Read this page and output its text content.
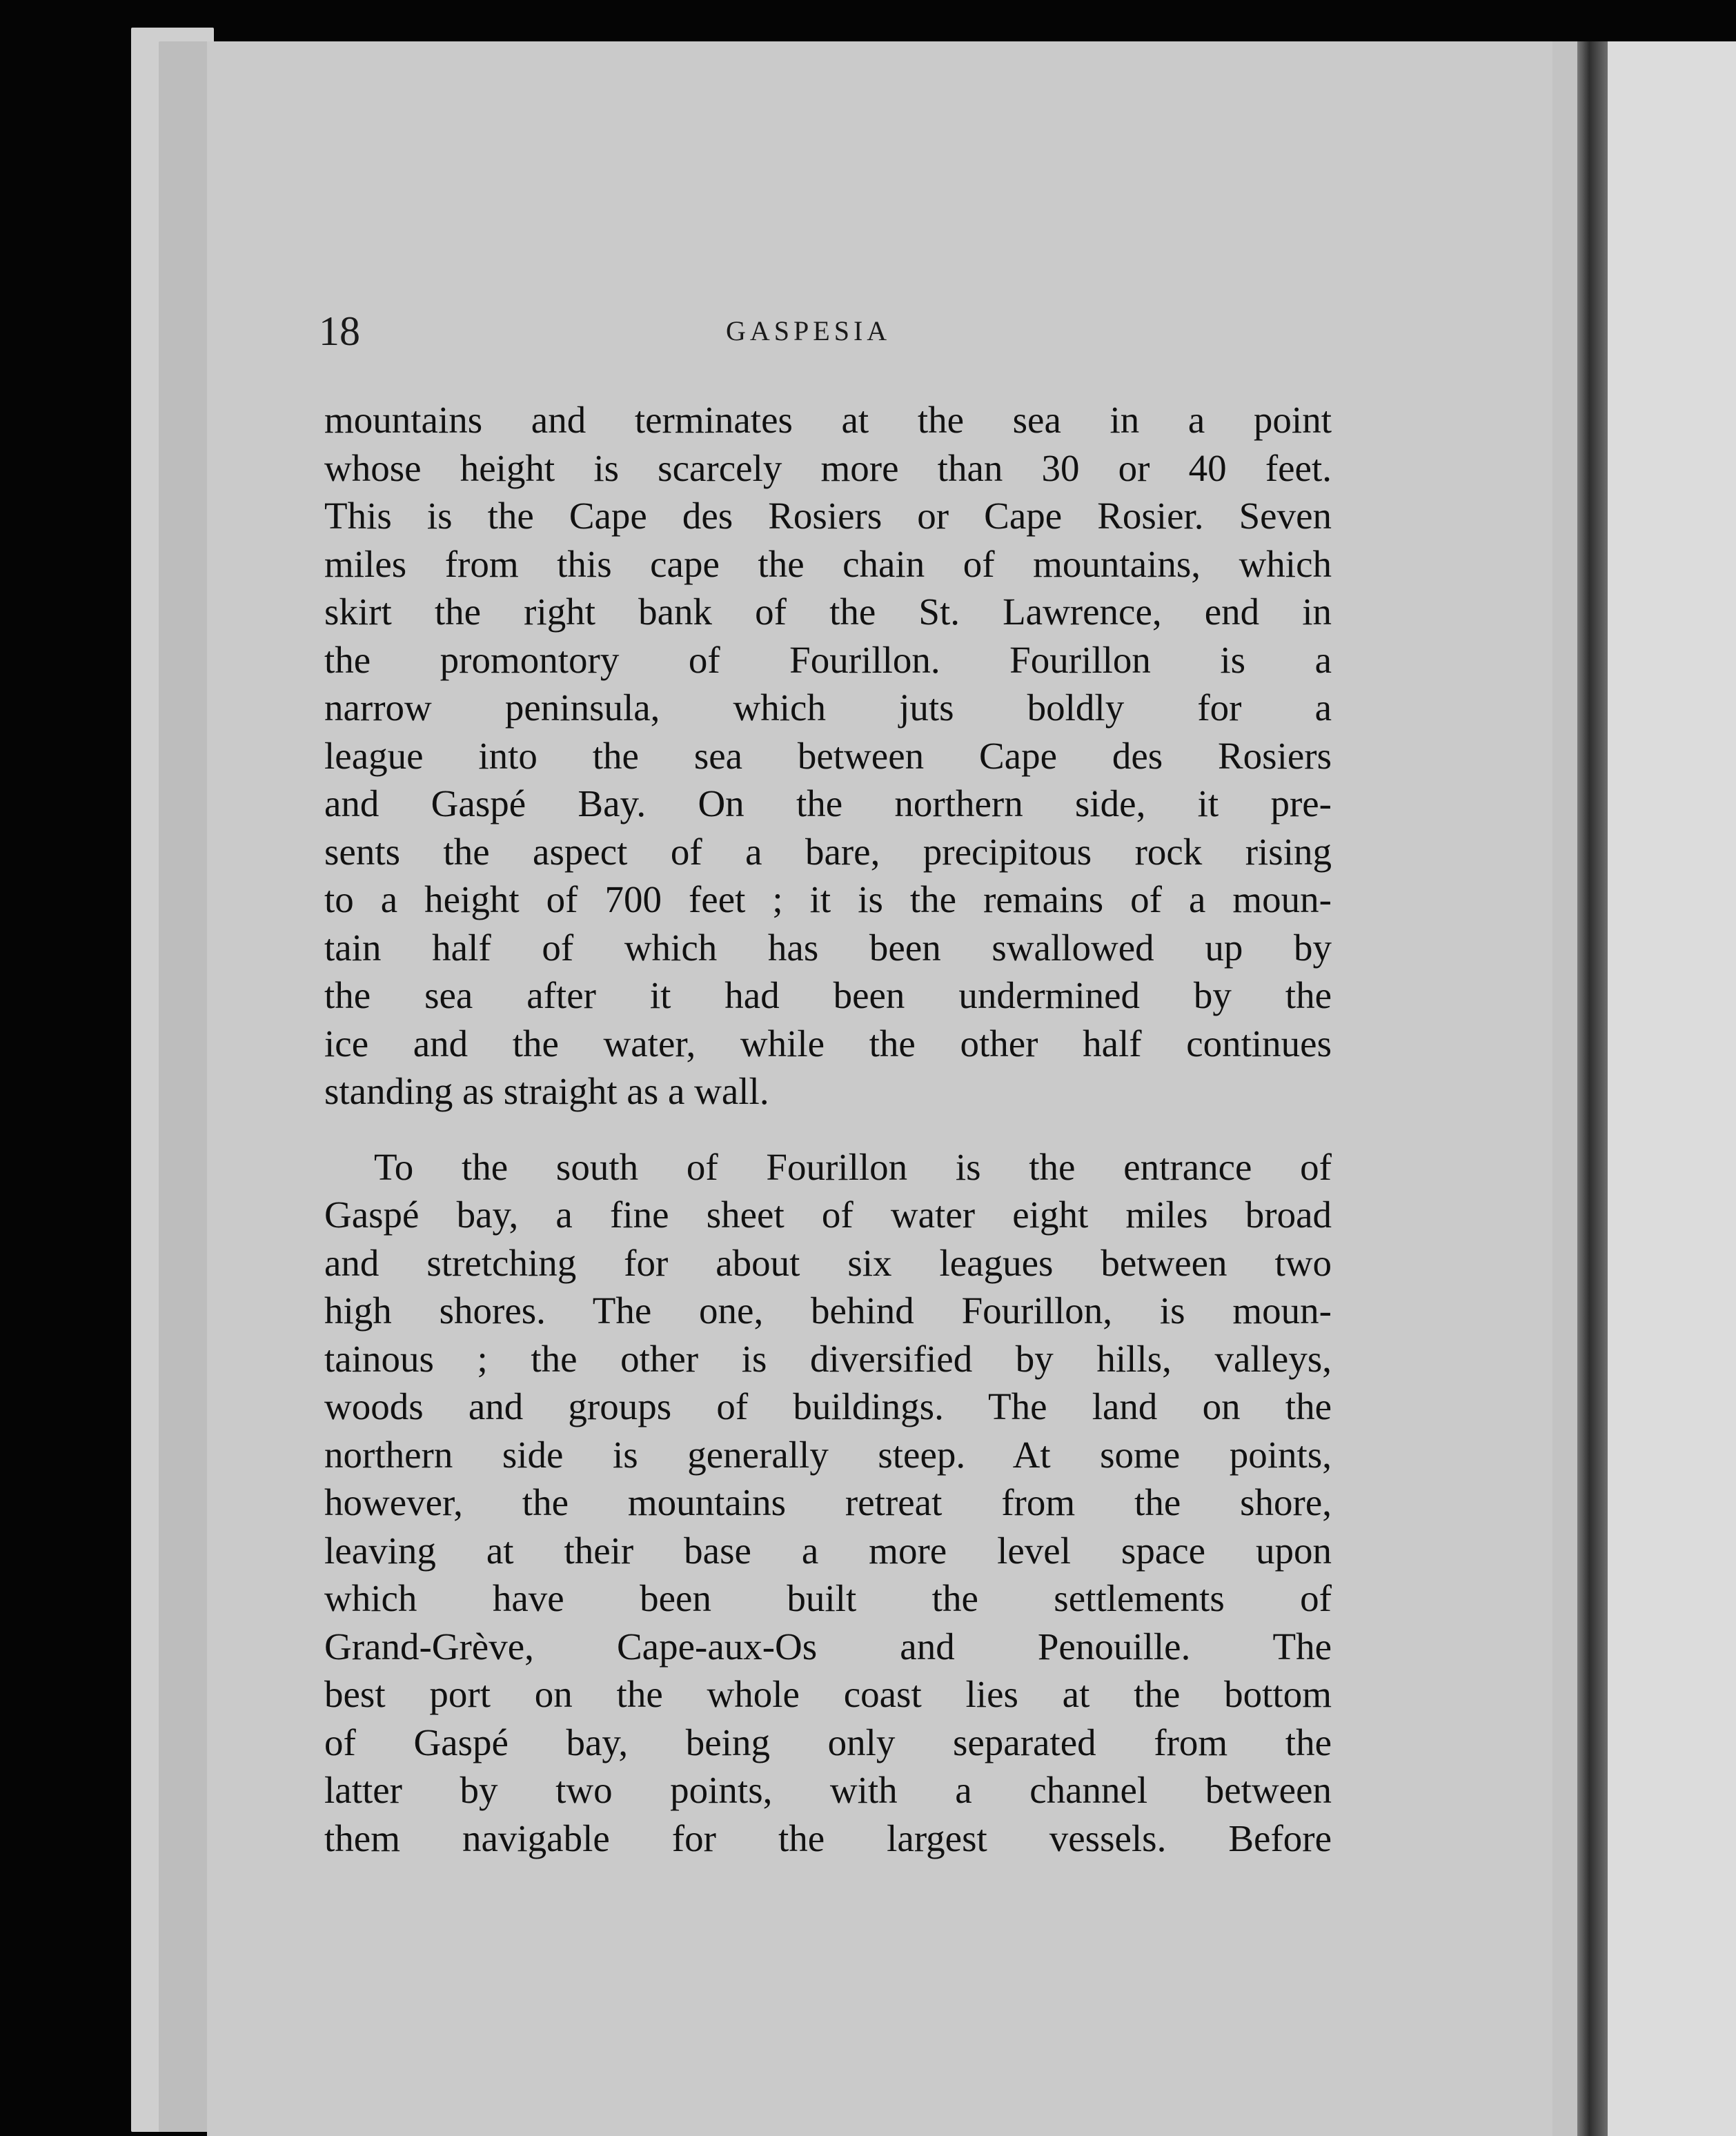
18	GASPESIA

mountains and terminates at the sea in a point
whose height is scarcely more than 30 or 40 feet.
This is the Cape des Rosiers or Cape Rosier. Seven
miles from this cape the chain of mountains, which
skirt the right bank of the St. Lawrence, end in
the promontory of Fourillon. Fourillon is a
narrow peninsula, which juts boldly for a
league into the sea between Cape des Rosiers
and Gaspé Bay. On the northern side, it pre-
sents the aspect of a bare, precipitous rock rising
to a height of 700 feet ; it is the remains of a moun-
tain half of which has been swallowed up by
the sea after it had been undermined by the
ice and the water, while the other half continues
standing as straight as a wall.

To the south of Fourillon is the entrance of
Gaspé bay, a fine sheet of water eight miles broad
and stretching for about six leagues between two
high shores. The one, behind Fourillon, is moun-
tainous ; the other is diversified by hills, valleys,
woods and groups of buildings. The land on the
northern side is generally steep. At some points,
however, the mountains retreat from the shore,
leaving at their base a more level space upon
which have been built the settlements of
Grand-Grève, Cape-aux-Os and Penouille. The
best port on the whole coast lies at the bottom
of Gaspé bay, being only separated from the
latter by two points, with a channel between
them navigable for the largest vessels. Before
